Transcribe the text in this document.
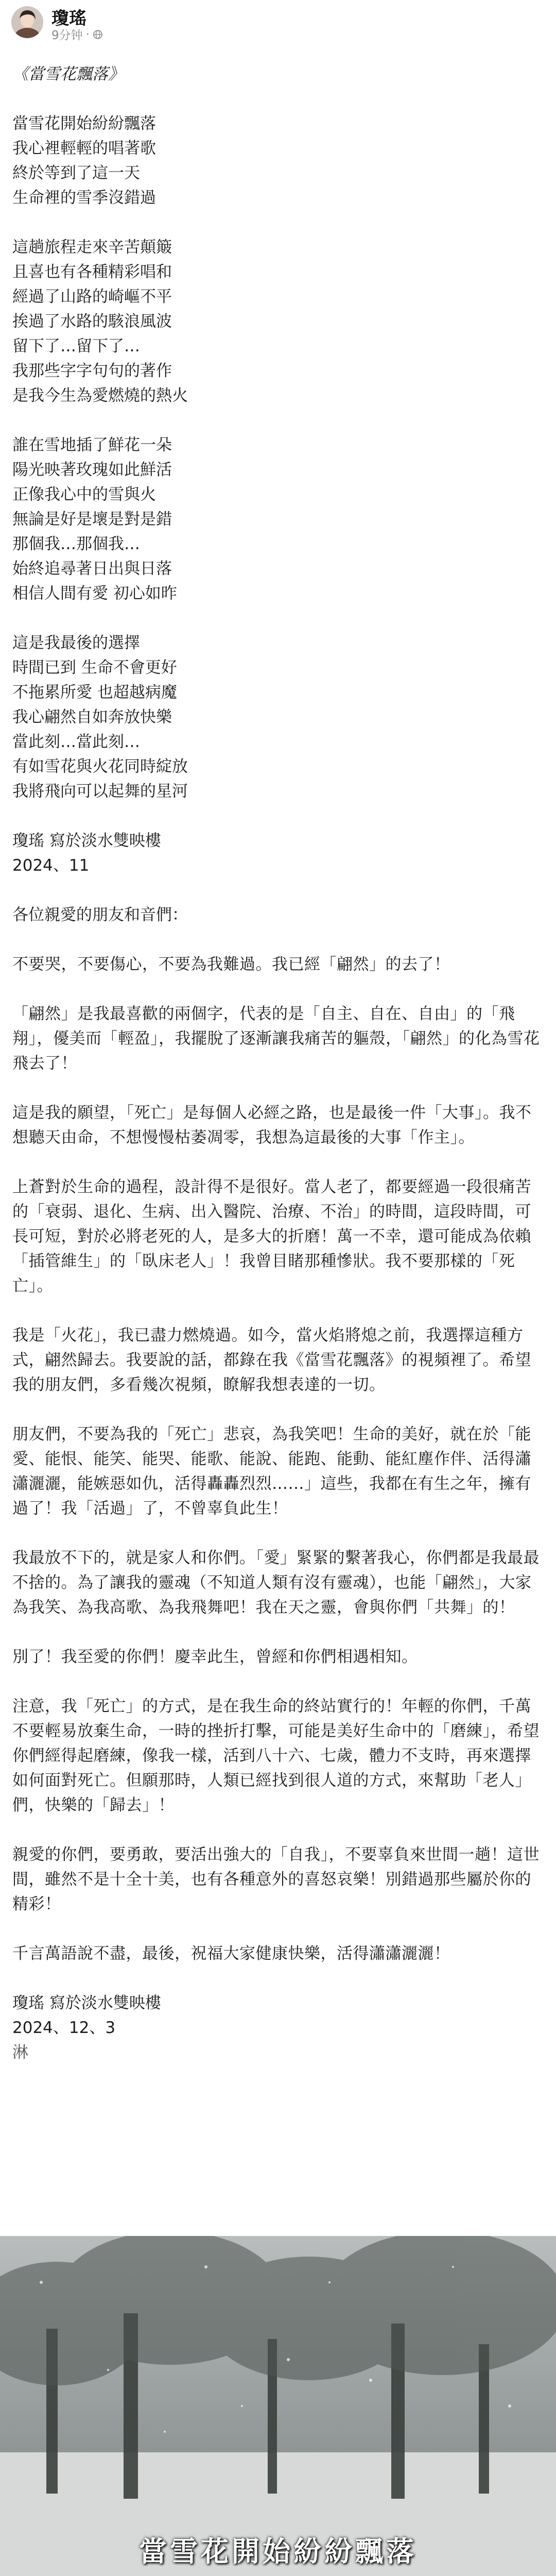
瓊瑤
9分钟 ·
《當雪花飄落》
當雪花開始紛紛飄落
我心裡輕輕的唱著歌
終於等到了這一天
生命裡的雪季沒錯過
這趟旅程走來辛苦顛簸
且喜也有各種精彩唱和
經過了山路的崎嶇不平
挨過了水路的駭浪風波
留下了…留下了…
我那些字字句句的著作
是我今生為愛燃燒的熱火
誰在雪地插了鮮花一朵
陽光映著玫瑰如此鮮活
正像我心中的雪與火
無論是好是壞是對是錯
那個我…那個我…
始終追尋著日出與日落
相信人間有愛 初心如昨
這是我最後的選擇
時間已到 生命不會更好
不拖累所愛 也超越病魔
我心翩然自如奔放快樂
當此刻…當此刻…
有如雪花與火花同時綻放
我將飛向可以起舞的星河
瓊瑤 寫於淡水雙映樓
2024、11
各位親愛的朋友和音們：
不要哭，不要傷心，不要為我難過。我已經「翩然」的去了！
「翩然」是我最喜歡的兩個字，代表的是「自主、自在、自由」的「飛翔」，優美而「輕盈」，我擺脫了逐漸讓我痛苦的軀殼，「翩然」的化為雪花飛去了！
這是我的願望，「死亡」是每個人必經之路，也是最後一件「大事」。我不想聽天由命，不想慢慢枯萎凋零，我想為這最後的大事「作主」。
上蒼對於生命的過程，設計得不是很好。當人老了，都要經過一段很痛苦的「衰弱、退化、生病、出入醫院、治療、不治」的時間，這段時間，可長可短，對於必將老死的人，是多大的折磨！萬一不幸，還可能成為依賴「插管維生」的「臥床老人」！我曾目睹那種慘狀。我不要那樣的「死亡」。
我是「火花」，我已盡力燃燒過。如今，當火焰將熄之前，我選擇這種方式，翩然歸去。我要說的話，都錄在我《當雪花飄落》的視頻裡了。希望我的朋友們，多看幾次視頻，瞭解我想表達的一切。
朋友們，不要為我的「死亡」悲哀，為我笑吧！生命的美好，就在於「能愛、能恨、能笑、能哭、能歌、能說、能跑、能動、能紅塵作伴、活得瀟瀟灑灑，能嫉惡如仇，活得轟轟烈烈……」這些，我都在有生之年，擁有過了！我「活過」了，不曾辜負此生！
我最放不下的，就是家人和你們。「愛」緊緊的繫著我心，你們都是我最最不捨的。為了讓我的靈魂（不知道人類有沒有靈魂），也能「翩然」，大家為我笑、為我高歌、為我飛舞吧！我在天之靈，會與你們「共舞」的！
別了！我至愛的你們！慶幸此生，曾經和你們相遇相知。
注意，我「死亡」的方式，是在我生命的終站實行的！年輕的你們，千萬不要輕易放棄生命，一時的挫折打擊，可能是美好生命中的「磨練」，希望你們經得起磨練，像我一樣，活到八十六、七歲，體力不支時，再來選擇如何面對死亡。但願那時，人類已經找到很人道的方式，來幫助「老人」們，快樂的「歸去」！
親愛的你們，要勇敢，要活出強大的「自我」，不要辜負來世間一趟！這世間，雖然不是十全十美，也有各種意外的喜怒哀樂！別錯過那些屬於你的精彩！
千言萬語說不盡，最後，祝福大家健康快樂，活得瀟瀟灑灑！
瓊瑤 寫於淡水雙映樓
2024、12、3
淋
當雪花開始紛紛飄落
